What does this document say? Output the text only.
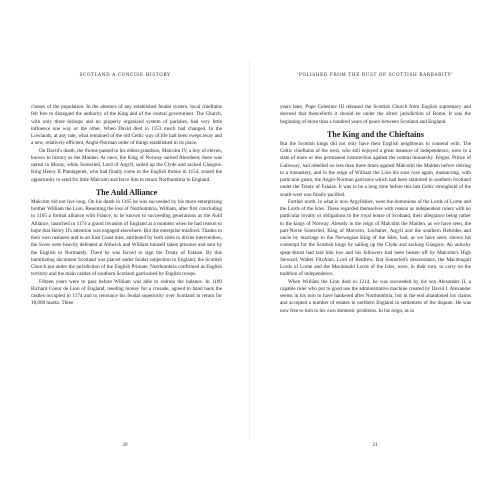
SCOTLAND A CONCISE HISTORY

classes of the population. In the absence of any established feudal system, local chieftains felt free to disregard the authority of the King and of the central government. The Church, with only three bishops and no properly organized system of parishes, had very little influence one way or the other. When David died in 1153 much had changed. In the Lowlands, at any rate, what remained of the old Celtic way of life had been swept away and a new, relatively efficient, Anglo-Norman order of things established in its place.

On David's death, the throne passed to his eldest grandson, Malcolm IV, a boy of eleven, known to history as the Maiden. At once, the King of Norway sacked Aberdeen; there was unrest in Moray, while Somerled, Lord of Argyll, sailed up the Clyde and sacked Glasgow. King Henry II Plantagenet, who had finally come to the English throne in 1154, seized the opportunity to send for little Malcolm and force him to return Northumbria to England.

The Auld Alliance

Malcolm did not live long. On his death in 1165 he was succeeded by his more enterprising brother William the Lion. Resenting the loss of Northumbria, William, after first concluding in 1165 a formal alliance with France, to be known to succeeding generations as the Auld Alliance, launched in 1174 a grand invasion of England at a moment when he had reason to hope that Henry II's attention was engaged elsewhere. But the enterprise misfired. Thanks to their own rashness and to an East Coast mist, attributed by both sides to divine intervention, the Scots were heavily defeated at Alnwick and William himself taken prisoner and sent by the English to Normandy. There he was forced to sign the Treaty of Falaise. By this humiliating document Scotland was placed under feudal subjection to England, the Scottish Church put under the jurisdiction of the English Primate, Northumbria confirmed as English territory and the main castles of southern Scotland garrisoned by English troops.

Fifteen years were to pass before William was able to redress the balance. In 1189 Richard Coeur de Lion of England, needing money for a crusade, agreed to hand back the castles occupied in 1174 and to renounce his feudal superiority over Scotland in return for 10,000 marks. Three

20
'POLISHED FROM THE RUST OF SCOTTISH BARBARITY'

years later, Pope Celestine III released the Scottish Church from English supremacy and decreed that thenceforth it should be under the direct jurisdiction of Rome. It was the beginning of more than a hundred years of peace between Scotland and England.

The King and the Chieftains

But the Scottish kings did not only have their English neighbours to contend with. The Celtic chieftains of the west, who still enjoyed a great measure of independence, were in a state of more or less permanent insurrection against the central monarchy. Fergus, Prince of Galloway, had rebelled no less than three times against Malcolm the Maiden before retiring to a monastery, and in the reign of William the Lion his sons rose again, massacring, with particular gusto, the Anglo-Norman garrisons which had been stationed in southern Scotland under the Treaty of Falaise. It was to be a long time before this last Celtic stronghold of the south-west was finally pacified.

Further north, in what is now Argyllshire, were the dominions of the Lords of Lorne and the Lords of the Isles. These regarded themselves with reason as independent rulers with no particular loyalty or obligations to the royal house of Scotland, their allegiance being rather to the kings of Norway. Already in the reign of Malcolm the Maiden, as we have seen, the part-Norse Somerled, King of Morvern, Lochaber, Argyll and the southern Hebrides and uncle by marriage to the Norwegian King of the Isles, had, as we have seen, shown his contempt for the Scottish kings by sailing up the Clyde and sacking Glasgow. An unlucky spear-thrust had laid him low and his followers had been beaten off by Malcolm's High Steward, Walter FitzAlan, Lord of Renfrew. But Somerled's descendants, the Macdougall Lords of Lorne and the Macdonald Lords of the Isles, were, in their turn, to carry on the tradition of independence.

When William the Lion died in 1214, he was succeeded by his son Alexander II, a capable ruler who put to good use the administrative machine created by David I. Alexander seems in his turn to have hankered after Northumbria, but in the end abandoned his claims and accepted a number of estates in northern England in settlement of the dispute. He was now free to turn to his own domestic problems. In his reign, as in

21
